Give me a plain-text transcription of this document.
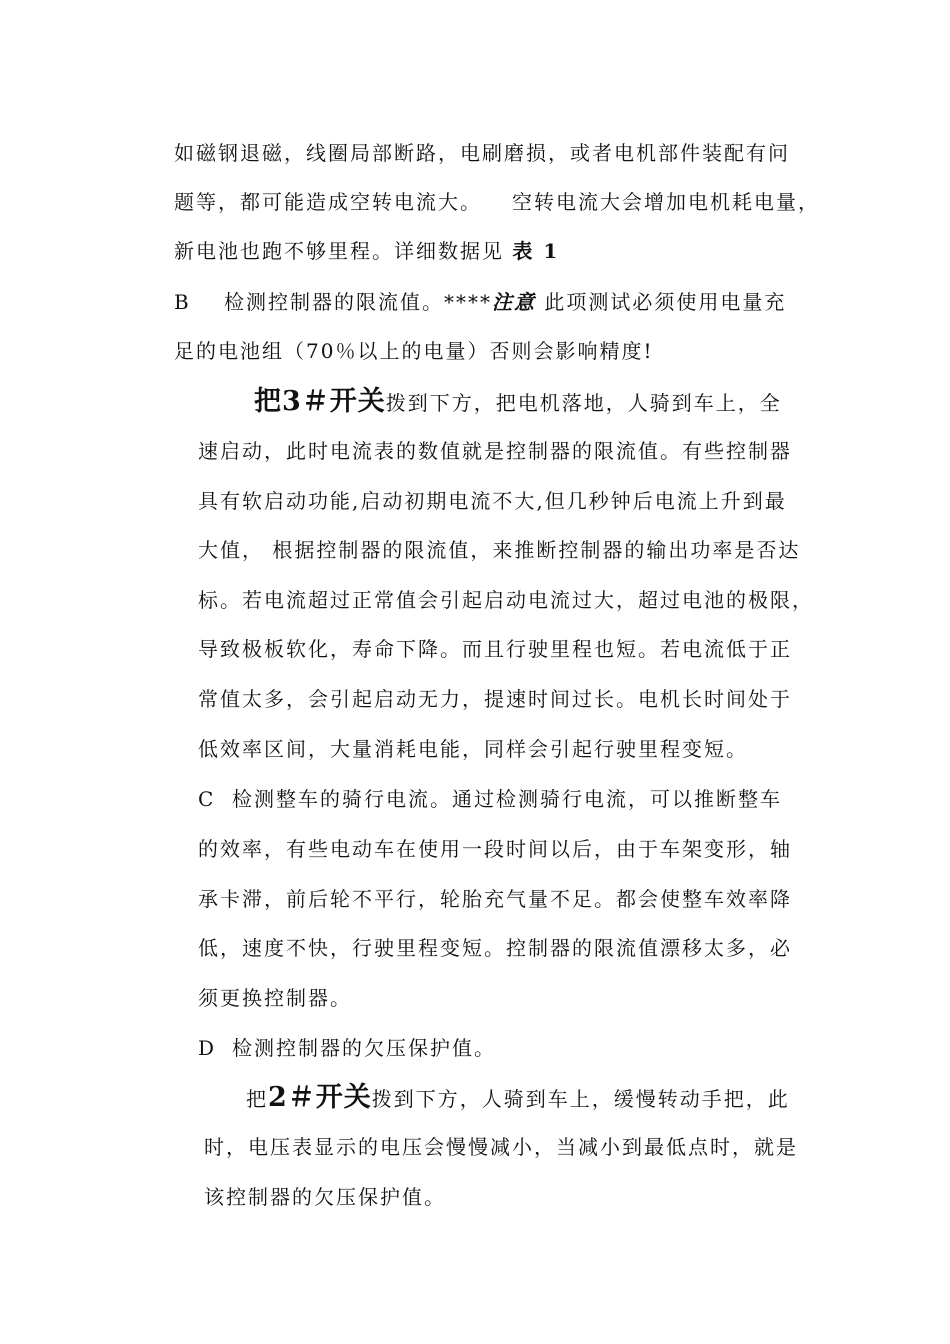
如磁钢退磁，线圈局部断路，电刷磨损，或者电机部件装配有问
题等，都可能造成空转电流大。 空转电流大会增加电机耗电量，
新电池也跑不够里程。详细数据见 表 1
B 检测控制器的限流值。****注意 此项测试必须使用电量充
足的电池组（70％以上的电量）否则会影响精度!
把3＃开关拨到下方，把电机落地，人骑到车上，全
速启动，此时电流表的数值就是控制器的限流值。有些控制器
具有软启动功能,启动初期电流不大,但几秒钟后电流上升到最
大值， 根据控制器的限流值，来推断控制器的输出功率是否达
标。若电流超过正常值会引起启动电流过大，超过电池的极限，
导致极板软化，寿命下降。而且行驶里程也短。若电流低于正
常值太多，会引起启动无力，提速时间过长。电机长时间处于
低效率区间，大量消耗电能，同样会引起行驶里程变短。
C 检测整车的骑行电流。通过检测骑行电流，可以推断整车
的效率，有些电动车在使用一段时间以后，由于车架变形，轴
承卡滞，前后轮不平行，轮胎充气量不足。都会使整车效率降
低，速度不快，行驶里程变短。控制器的限流值漂移太多，必
须更换控制器。
D 检测控制器的欠压保护值。
把2＃开关拨到下方，人骑到车上，缓慢转动手把，此
时，电压表显示的电压会慢慢减小，当减小到最低点时，就是
该控制器的欠压保护值。
